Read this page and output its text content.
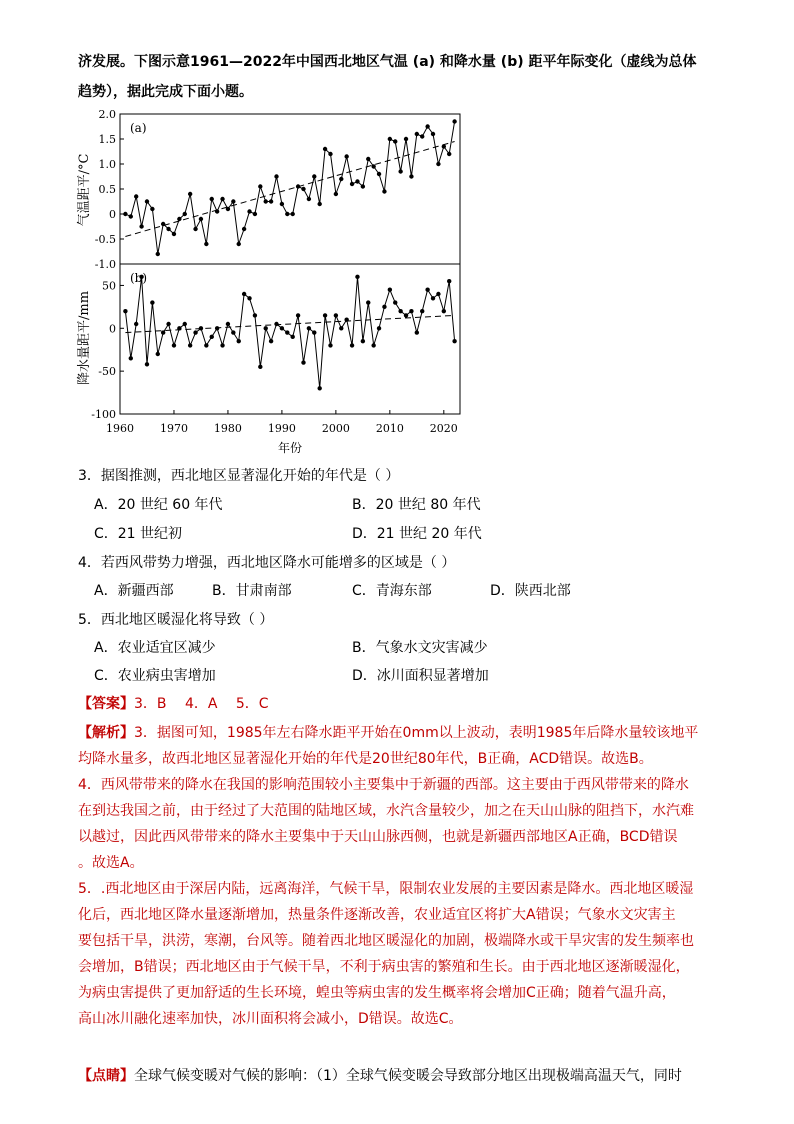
济发展。下图示意1961—2022年中国西北地区气温 (a) 和降水量 (b) 距平年际变化（虚线为总体
趋势），据此完成下面小题。
2.0
1.5
1.0
0.5
0
-0.5
-1.0
50
0
-50
-100
(a)
(b)
气温距平/°C
降水量距平/mm
1960 1970 1980 1990 2000 2010 2020
年份
3．据图推测，西北地区显著湿化开始的年代是（ ）
A．20 世纪 60 年代	B．20 世纪 80 年代
C．21 世纪初	D．21 世纪 20 年代
4．若西风带势力增强，西北地区降水可能增多的区域是（ ）
A．新疆西部	B．甘肃南部	C．青海东部	D．陕西北部
5．西北地区暖湿化将导致（ ）
A．农业适宜区减少	B．气象水文灾害减少
C．农业病虫害增加	D．冰川面积显著增加
【答案】3．B　 4．A　 5．C
【解析】3．据图可知，1985年左右降水距平开始在0mm以上波动，表明1985年后降水量较该地平
均降水量多，故西北地区显著湿化开始的年代是20世纪80年代，B正确，ACD错误。故选B。
4．西风带带来的降水在我国的影响范围较小主要集中于新疆的西部。这主要由于西风带带来的降水
在到达我国之前，由于经过了大范围的陆地区域，水汽含量较少，加之在天山山脉的阻挡下，水汽难
以越过，因此西风带带来的降水主要集中于天山山脉西侧，也就是新疆西部地区A正确，BCD错误
。故选A。
5．.西北地区由于深居内陆，远离海洋，气候干旱，限制农业发展的主要因素是降水。西北地区暖湿
化后，西北地区降水量逐渐增加，热量条件逐渐改善，农业适宜区将扩大A错误；气象水文灾害主
要包括干旱，洪涝，寒潮，台风等。随着西北地区暖湿化的加剧，极端降水或干旱灾害的发生频率也
会增加，B错误；西北地区由于气候干旱，不利于病虫害的繁殖和生长。由于西北地区逐渐暖湿化，
为病虫害提供了更加舒适的生长环境，蝗虫等病虫害的发生概率将会增加C正确；随着气温升高，
高山冰川融化速率加快，冰川面积将会减小，D错误。故选C。
【点睛】全球气候变暖对气候的影响：（1）全球气候变暖会导致部分地区出现极端高温天气，同时
